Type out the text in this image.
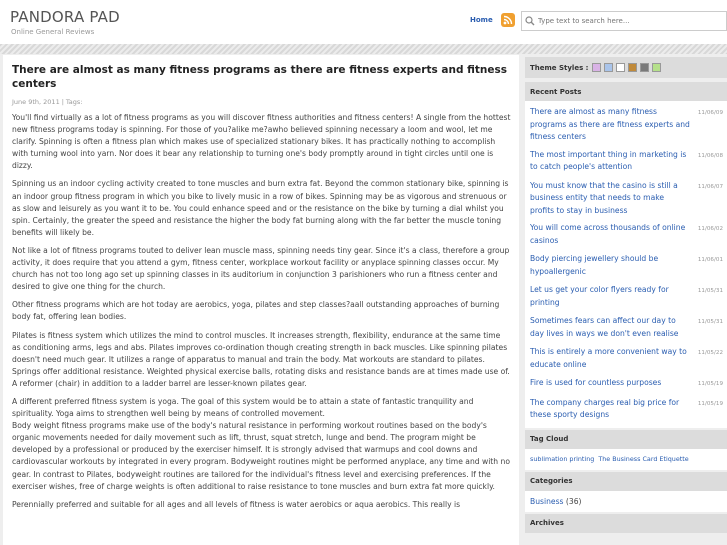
PANDORA PAD
Online General Reviews
Home
Type text to search here...
There are almost as many fitness programs as there are fitness experts and fitness centers
June 9th, 2011 | Tags:

You'll find virtually as a lot of fitness programs as you will discover fitness authorities and fitness centers! A single from the hottest new fitness programs today is spinning. For those of you?alike me?awho believed spinning necessary a loom and wool, let me clarify. Spinning is often a fitness plan which makes use of specialized stationary bikes. It has practically nothing to accomplish with turning wool into yarn. Nor does it bear any relationship to turning one's body promptly around in tight circles until one is dizzy.

Spinning us an indoor cycling activity created to tone muscles and burn extra fat. Beyond the common stationary bike, spinning is an indoor group fitness program in which you bike to lively music in a row of bikes. Spinning may be as vigorous and strenuous or as slow and leisurely as you want it to be. You could enhance speed and or the resistance on the bike by turning a dial whilst you spin. Certainly, the greater the speed and resistance the higher the body fat burning along with the far better the muscle toning benefits will likely be.

Not like a lot of fitness programs touted to deliver lean muscle mass, spinning needs tiny gear. Since it's a class, therefore a group activity, it does require that you attend a gym, fitness center, workplace workout facility or anyplace spinning classes occur. My church has not too long ago set up spinning classes in its auditorium in conjunction 3 parishioners who run a fitness center and desired to give one thing for the church.

Other fitness programs which are hot today are aerobics, yoga, pilates and step classes?aall outstanding approaches of burning body fat, offering lean bodies.

Pilates is fitness system which utilizes the mind to control muscles. It increases strength, flexibility, endurance at the same time as conditioning arms, legs and abs. Pilates improves co-ordination though creating strength in back muscles. Like spinning pilates doesn't need much gear. It utilizes a range of apparatus to manual and train the body. Mat workouts are standard to pilates. Springs offer additional resistance. Weighted physical exercise balls, rotating disks and resistance bands are at times made use of. A reformer (chair) in addition to a ladder barrel are lesser-known pilates gear.

A different preferred fitness system is yoga. The goal of this system would be to attain a state of fantastic tranquility and spirituality. Yoga aims to strengthen well being by means of controlled movement.
Body weight fitness programs make use of the body's natural resistance in performing workout routines based on the body's organic movements needed for daily movement such as lift, thrust, squat stretch, lunge and bend. The program might be developed by a professional or produced by the exerciser himself. It is strongly advised that warmups and cool downs and cardiovascular workouts by integrated in every program. Bodyweight routines might be performed anyplace, any time and with no gear. In contrast to Pilates, bodyweight routines are tailored for the individual's fitness level and exercising preferences. If the exerciser wishes, free of charge weights is often additional to raise resistance to tone muscles and burn extra fat more quickly.

Perennially preferred and suitable for all ages and all levels of fitness is water aerobics or aqua aerobics. This really is

Theme Styles :
Recent Posts
There are almost as many fitness programs as there are fitness experts and fitness centers
11/06/09
The most important thing in marketing is to catch people's attention
11/06/08
You must know that the casino is still a business entity that needs to make profits to stay in business
11/06/07
You will come across thousands of online casinos
11/06/02
Body piercing jewellery should be hypoallergenic
11/06/01
Let us get your color flyers ready for printing
11/05/31
Sometimes fears can affect our day to day lives in ways we don't even realise
11/05/31
This is entirely a more convenient way to educate online
11/05/22
Fire is used for countless purposes	11/05/19
The company charges real big price for these sporty designs
11/05/19
Tag Cloud
sublimation printing The Business Card Etiquette
Categories
Business (36)
Archives
